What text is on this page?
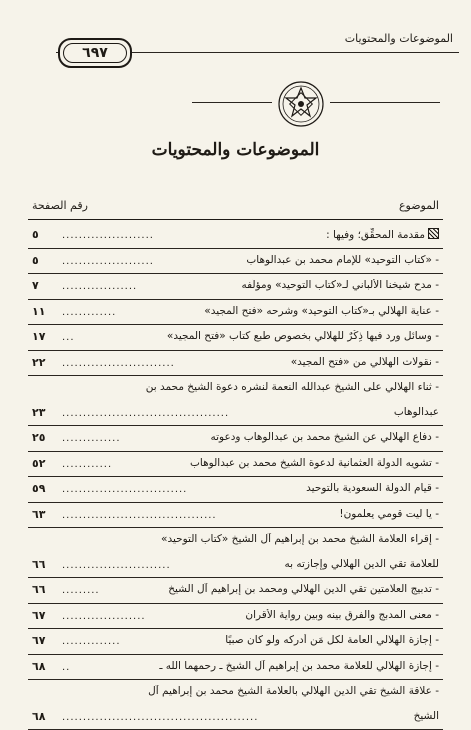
الموضوعات والمحتويات
٦٩٧
الموضوعات والمحتويات
الموضوع
رقم الصفحة
مقدمة المحقِّق؛ وفيها :
......................
٥
- «كتاب التوحيد» للإمام محمد بن عبدالوهاب
......................
٥
- مدح شيخنا الألباني لـ«كتاب التوحيد» ومؤلِّفه
..................
٧
- عناية الهلالي بـ«كتاب التوحيد» وشرحه «فتح المجيد»
.............
١١
- وسائل ورد فيها ذِكْرٌ للهلالي بخصوص طبع كتاب «فتح المجيد»
...
١٧
- نقولات الهلالي من «فتح المجيد»
...........................
٢٢
- ثناء الهلالي على الشيخ عبدالله النعمة لنشره دعوة الشيخ محمد بن
عبدالوهاب
........................................
٢٣
- دفاع الهلالي عن الشيخ محمد بن عبدالوهاب ودعوته
..............
٢٥
- تشويه الدولة العثمانية لدعوة الشيخ محمد بن عبدالوهاب
............
٥٢
- قيام الدولة السعودية بالتوحيد
..............................
٥٩
- يا ليت قومي يعلمون!
.....................................
٦٣
- إقراء العلّامة الشيخ محمد بن إبراهيم آل الشيخ «كتاب التوحيد»
للعلّامة تقي الدين الهلالي وإجازته به
..........................
٦٦
- تدبيج العلّامتين تقي الدين الهلالي ومحمد بن إبراهيم آل الشيخ
.........
٦٦
- معنى المدبج والفرق بينه وبين رواية الأقران
....................
٦٧
- إجازة الهلالي العامة لكل مَن أدركه ولو كان صبيًا
..............
٦٧
- إجازة الهلالي للعلّامة محمد بن إبراهيم آل الشيخ ـ رحمهما الله ـ
..
٦٨
- علاقة الشيخ تقي الدين الهلالي بالعلّامة الشيخ محمد بن إبراهيم آل
الشيخ
...............................................
٦٨
